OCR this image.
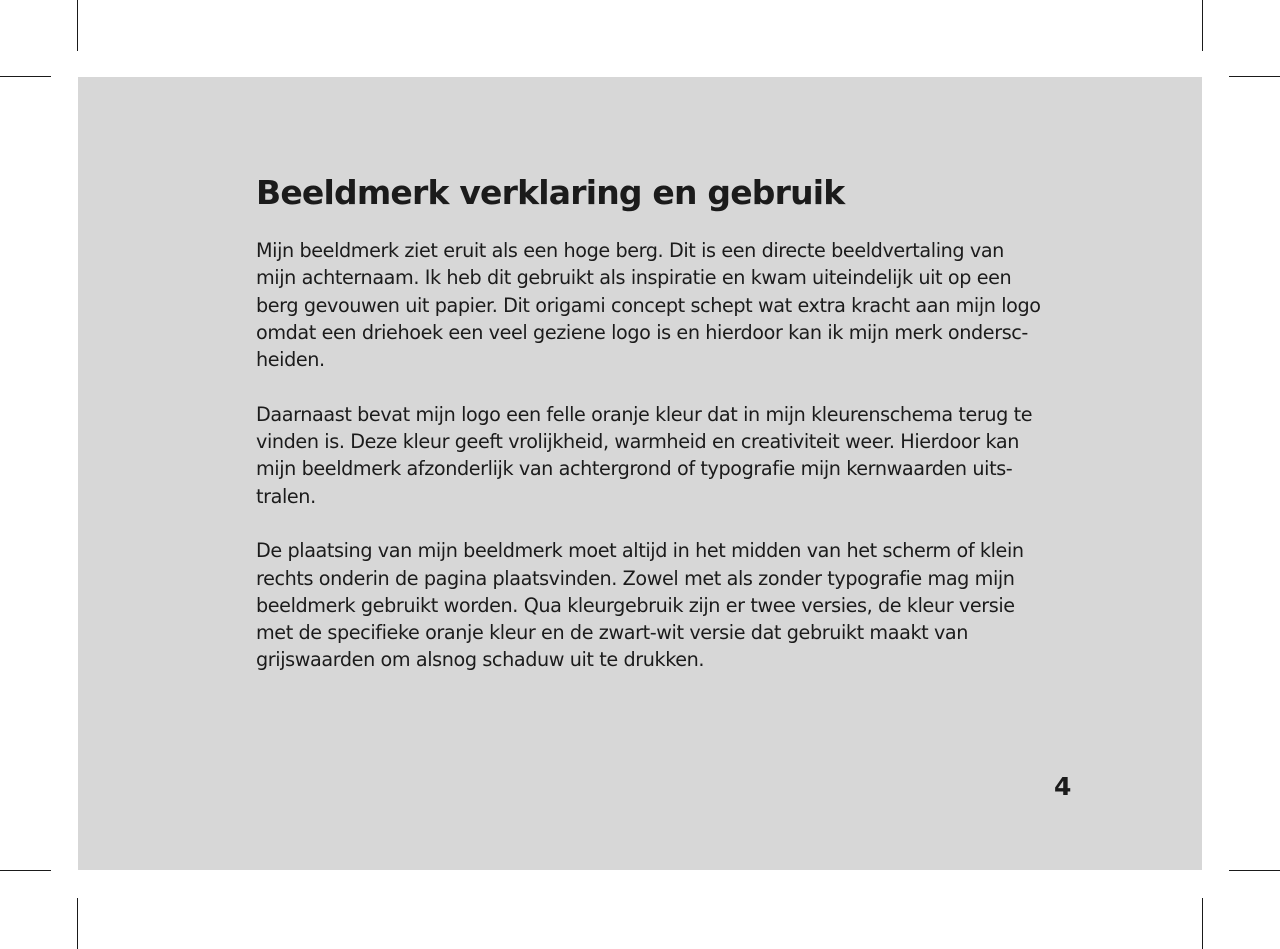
Beeldmerk verklaring en gebruik

Mijn beeldmerk ziet eruit als een hoge berg. Dit is een directe beeldvertaling van
mijn achternaam. Ik heb dit gebruikt als inspiratie en kwam uiteindelijk uit op een
berg gevouwen uit papier. Dit origami concept schept wat extra kracht aan mijn logo
omdat een driehoek een veel geziene logo is en hierdoor kan ik mijn merk ondersc-
heiden.

Daarnaast bevat mijn logo een felle oranje kleur dat in mijn kleurenschema terug te
vinden is. Deze kleur geeft vrolijkheid, warmheid en creativiteit weer. Hierdoor kan
mijn beeldmerk afzonderlijk van achtergrond of typografie mijn kernwaarden uits-
tralen.

De plaatsing van mijn beeldmerk moet altijd in het midden van het scherm of klein
rechts onderin de pagina plaatsvinden. Zowel met als zonder typografie mag mijn
beeldmerk gebruikt worden. Qua kleurgebruik zijn er twee versies, de kleur versie
met de specifieke oranje kleur en de zwart-wit versie dat gebruikt maakt van
grijswaarden om alsnog schaduw uit te drukken.

4
